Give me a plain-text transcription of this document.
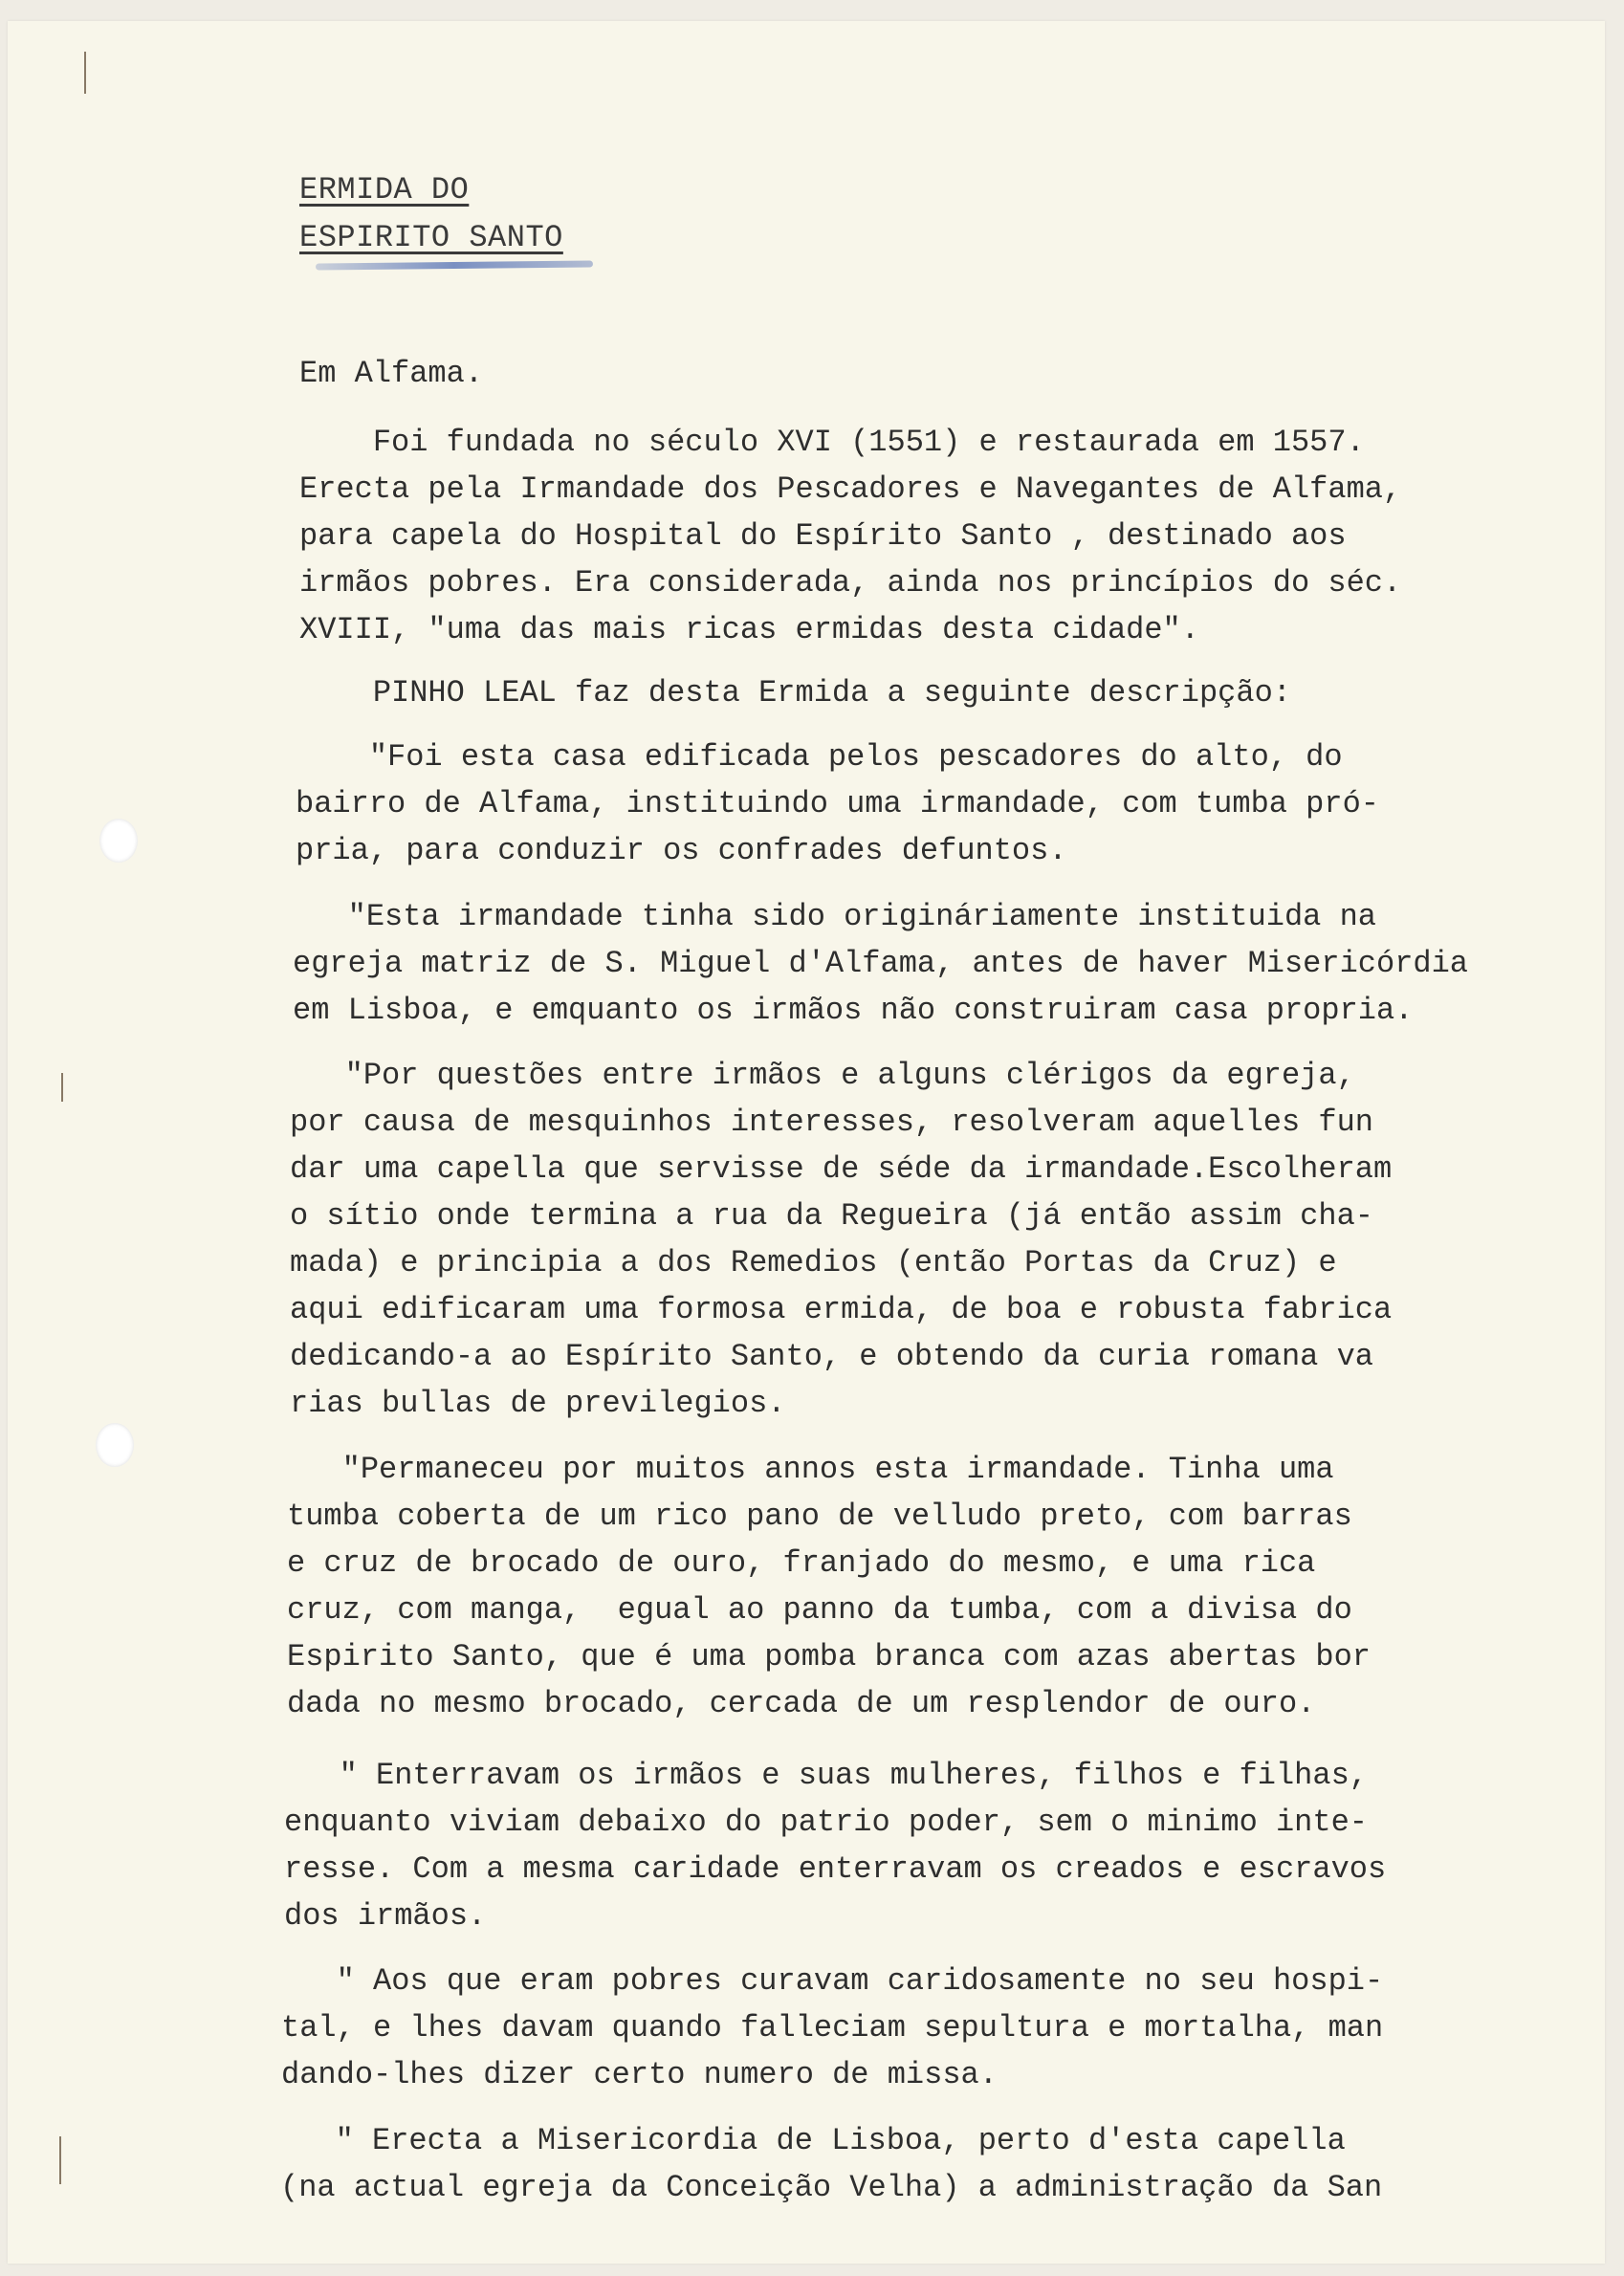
ERMIDA DO
ESPIRITO SANTO
Em Alfama.
Foi fundada no século XVI (1551) e restaurada em 1557.
Erecta pela Irmandade dos Pescadores e Navegantes de Alfama,
para capela do Hospital do Espírito Santo , destinado aos
irmãos pobres. Era considerada, ainda nos princípios do séc.
XVIII, "uma das mais ricas ermidas desta cidade".
PINHO LEAL faz desta Ermida a seguinte descripção:
"Foi esta casa edificada pelos pescadores do alto, do
bairro de Alfama, instituindo uma irmandade, com tumba pró-
pria, para conduzir os confrades defuntos.
"Esta irmandade tinha sido origináriamente instituida na
egreja matriz de S. Miguel d'Alfama, antes de haver Misericórdia
em Lisboa, e emquanto os irmãos não construiram casa propria.
"Por questões entre irmãos e alguns clérigos da egreja,
por causa de mesquinhos interesses, resolveram aquelles fun
dar uma capella que servisse de séde da irmandade.Escolheram
o sítio onde termina a rua da Regueira (já então assim cha-
mada) e principia a dos Remedios (então Portas da Cruz) e
aqui edificaram uma formosa ermida, de boa e robusta fabrica
dedicando-a ao Espírito Santo, e obtendo da curia romana va
rias bullas de previlegios.
"Permaneceu por muitos annos esta irmandade. Tinha uma
tumba coberta de um rico pano de velludo preto, com barras
e cruz de brocado de ouro, franjado do mesmo, e uma rica
cruz, com manga,  egual ao panno da tumba, com a divisa do
Espirito Santo, que é uma pomba branca com azas abertas bor
dada no mesmo brocado, cercada de um resplendor de ouro.
" Enterravam os irmãos e suas mulheres, filhos e filhas,
enquanto viviam debaixo do patrio poder, sem o minimo inte-
resse. Com a mesma caridade enterravam os creados e escravos
dos irmãos.
" Aos que eram pobres curavam caridosamente no seu hospi-
tal, e lhes davam quando falleciam sepultura e mortalha, man
dando-lhes dizer certo numero de missa.
" Erecta a Misericordia de Lisboa, perto d'esta capella
(na actual egreja da Conceição Velha) a administração da San
